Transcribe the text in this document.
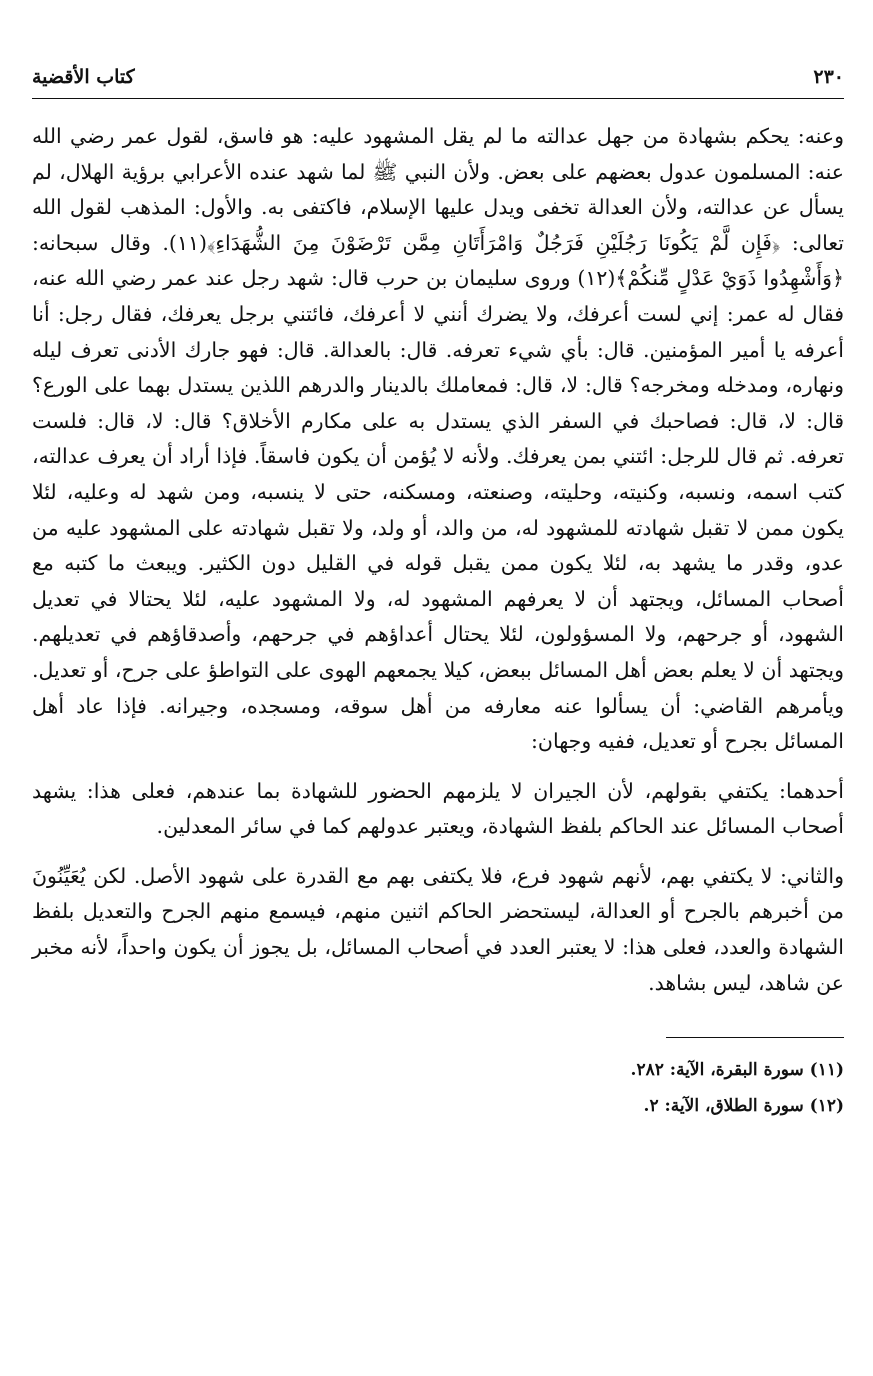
٢٣٠
كتاب الأقضية

وعنه: يحكم بشهادة من جهل عدالته ما لم يقل المشهود عليه: هو فاسق، لقول عمر رضي الله عنه: المسلمون عدول بعضهم على بعض. ولأن النبي ﷺ لما شهد عنده الأعرابي برؤية الهلال، لم يسأل عن عدالته، ولأن العدالة تخفى ويدل عليها الإسلام، فاكتفى به. والأول: المذهب لقول الله تعالى: ﴿فَإِن لَّمْ يَكُونَا رَجُلَيْنِ فَرَجُلٌ وَامْرَأَتَانِ مِمَّن تَرْضَوْنَ مِنَ الشُّهَدَاءِ﴾(١١). وقال سبحانه: ﴿وَأَشْهِدُوا ذَوَيْ عَدْلٍ مِّنكُمْ﴾(١٢) وروى سليمان بن حرب قال: شهد رجل عند عمر رضي الله عنه، فقال له عمر: إني لست أعرفك، ولا يضرك أنني لا أعرفك، فائتني برجل يعرفك، فقال رجل: أنا أعرفه يا أمير المؤمنين. قال: بأي شيء تعرفه. قال: بالعدالة. قال: فهو جارك الأدنى تعرف ليله ونهاره، ومدخله ومخرجه؟ قال: لا، قال: فمعاملك بالدينار والدرهم اللذين يستدل بهما على الورع؟ قال: لا، قال: فصاحبك في السفر الذي يستدل به على مكارم الأخلاق؟ قال: لا، قال: فلست تعرفه. ثم قال للرجل: ائتني بمن يعرفك. ولأنه لا يُؤمن أن يكون فاسقاً. فإذا أراد أن يعرف عدالته، كتب اسمه، ونسبه، وكنيته، وحليته، وصنعته، ومسكنه، حتى لا ينسبه، ومن شهد له وعليه، لئلا يكون ممن لا تقبل شهادته للمشهود له، من والد، أو ولد، ولا تقبل شهادته على المشهود عليه من عدو، وقدر ما يشهد به، لئلا يكون ممن يقبل قوله في القليل دون الكثير. ويبعث ما كتبه مع أصحاب المسائل، ويجتهد أن لا يعرفهم المشهود له، ولا المشهود عليه، لئلا يحتالا في تعديل الشهود، أو جرحهم، ولا المسؤولون، لئلا يحتال أعداؤهم في جرحهم، وأصدقاؤهم في تعديلهم. ويجتهد أن لا يعلم بعض أهل المسائل ببعض، كيلا يجمعهم الهوى على التواطؤ على جرح، أو تعديل. ويأمرهم القاضي: أن يسألوا عنه معارفه من أهل سوقه، ومسجده، وجيرانه. فإذا عاد أهل المسائل بجرح أو تعديل، ففيه وجهان:

أحدهما: يكتفي بقولهم، لأن الجيران لا يلزمهم الحضور للشهادة بما عندهم، فعلى هذا: يشهد أصحاب المسائل عند الحاكم بلفظ الشهادة، ويعتبر عدولهم كما في سائر المعدلين.

والثاني: لا يكتفي بهم، لأنهم شهود فرع، فلا يكتفى بهم مع القدرة على شهود الأصل. لكن يُعَيِّنُونَ من أخبرهم بالجرح أو العدالة، ليستحضر الحاكم اثنين منهم، فيسمع منهم الجرح والتعديل بلفظ الشهادة والعدد، فعلى هذا: لا يعتبر العدد في أصحاب المسائل، بل يجوز أن يكون واحداً، لأنه مخبر عن شاهد، ليس بشاهد.

(١١) سورة البقرة، الآية: ٢٨٢.

(١٢) سورة الطلاق، الآية: ٢.
